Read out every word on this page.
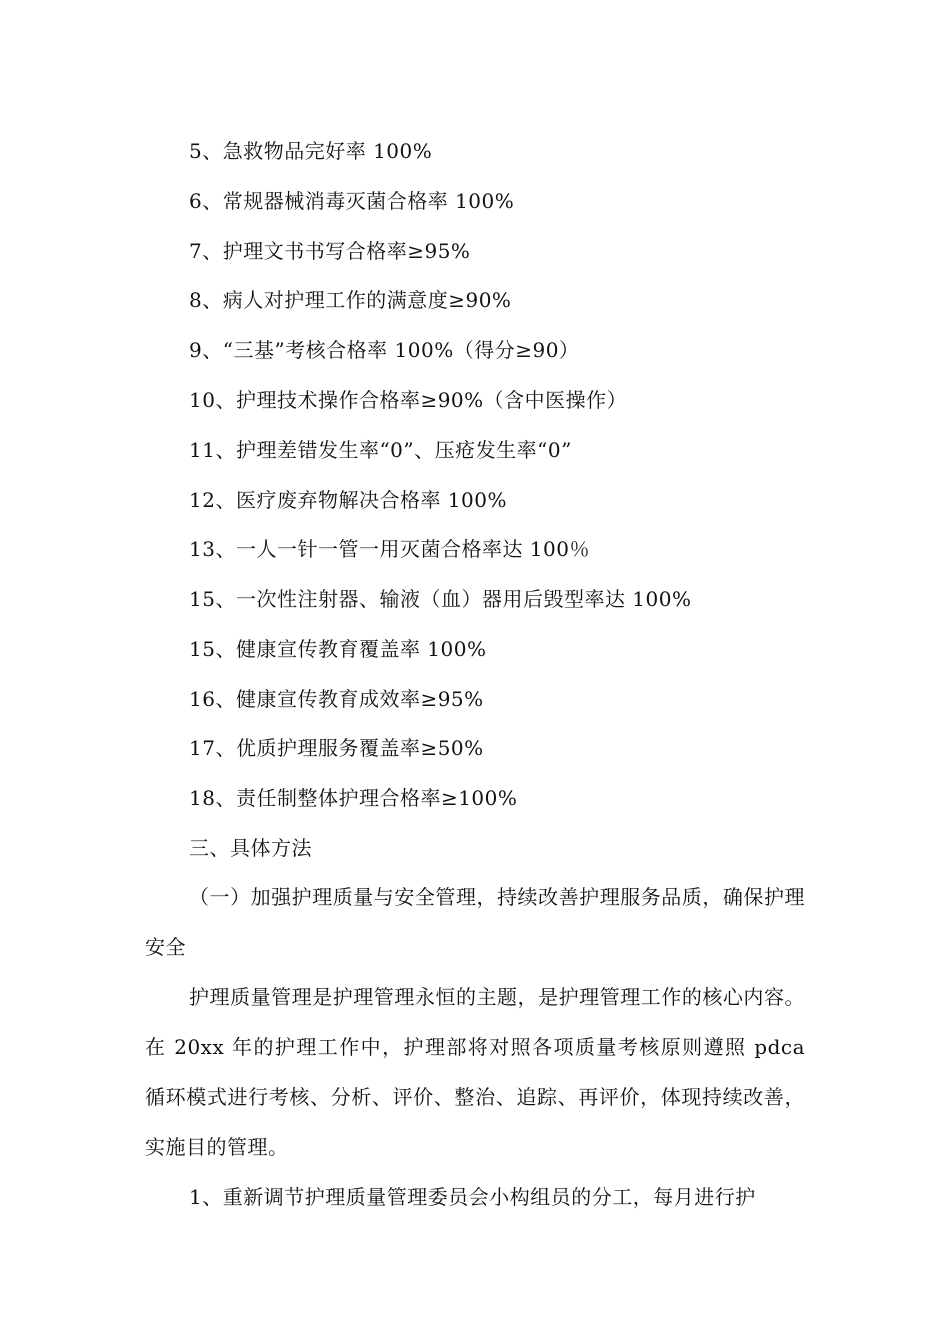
5、急救物品完好率 100%
6、常规器械消毒灭菌合格率 100%
7、护理文书书写合格率≥95%
8、病人对护理工作的满意度≥90%
9、“三基”考核合格率 100%（得分≥90）
10、护理技术操作合格率≥90%（含中医操作）
11、护理差错发生率“0”、压疮发生率“0”
12、医疗废弃物解决合格率 100%
13、一人一针一管一用灭菌合格率达 100％
15、一次性注射器、输液（血）器用后毁型率达 100%
15、健康宣传教育覆盖率 100%
16、健康宣传教育成效率≥95%
17、优质护理服务覆盖率≥50%
18、责任制整体护理合格率≥100%
三、具体方法
（一）加强护理质量与安全管理，持续改善护理服务品质，确保护理安全
护理质量管理是护理管理永恒的主题，是护理管理工作的核心内容。在 20xx 年的护理工作中，护理部将对照各项质量考核原则遵照 pdca 循环模式进行考核、分析、评价、整治、追踪、再评价，体现持续改善，实施目的管理。
1、重新调节护理质量管理委员会小构组员的分工，每月进行护
